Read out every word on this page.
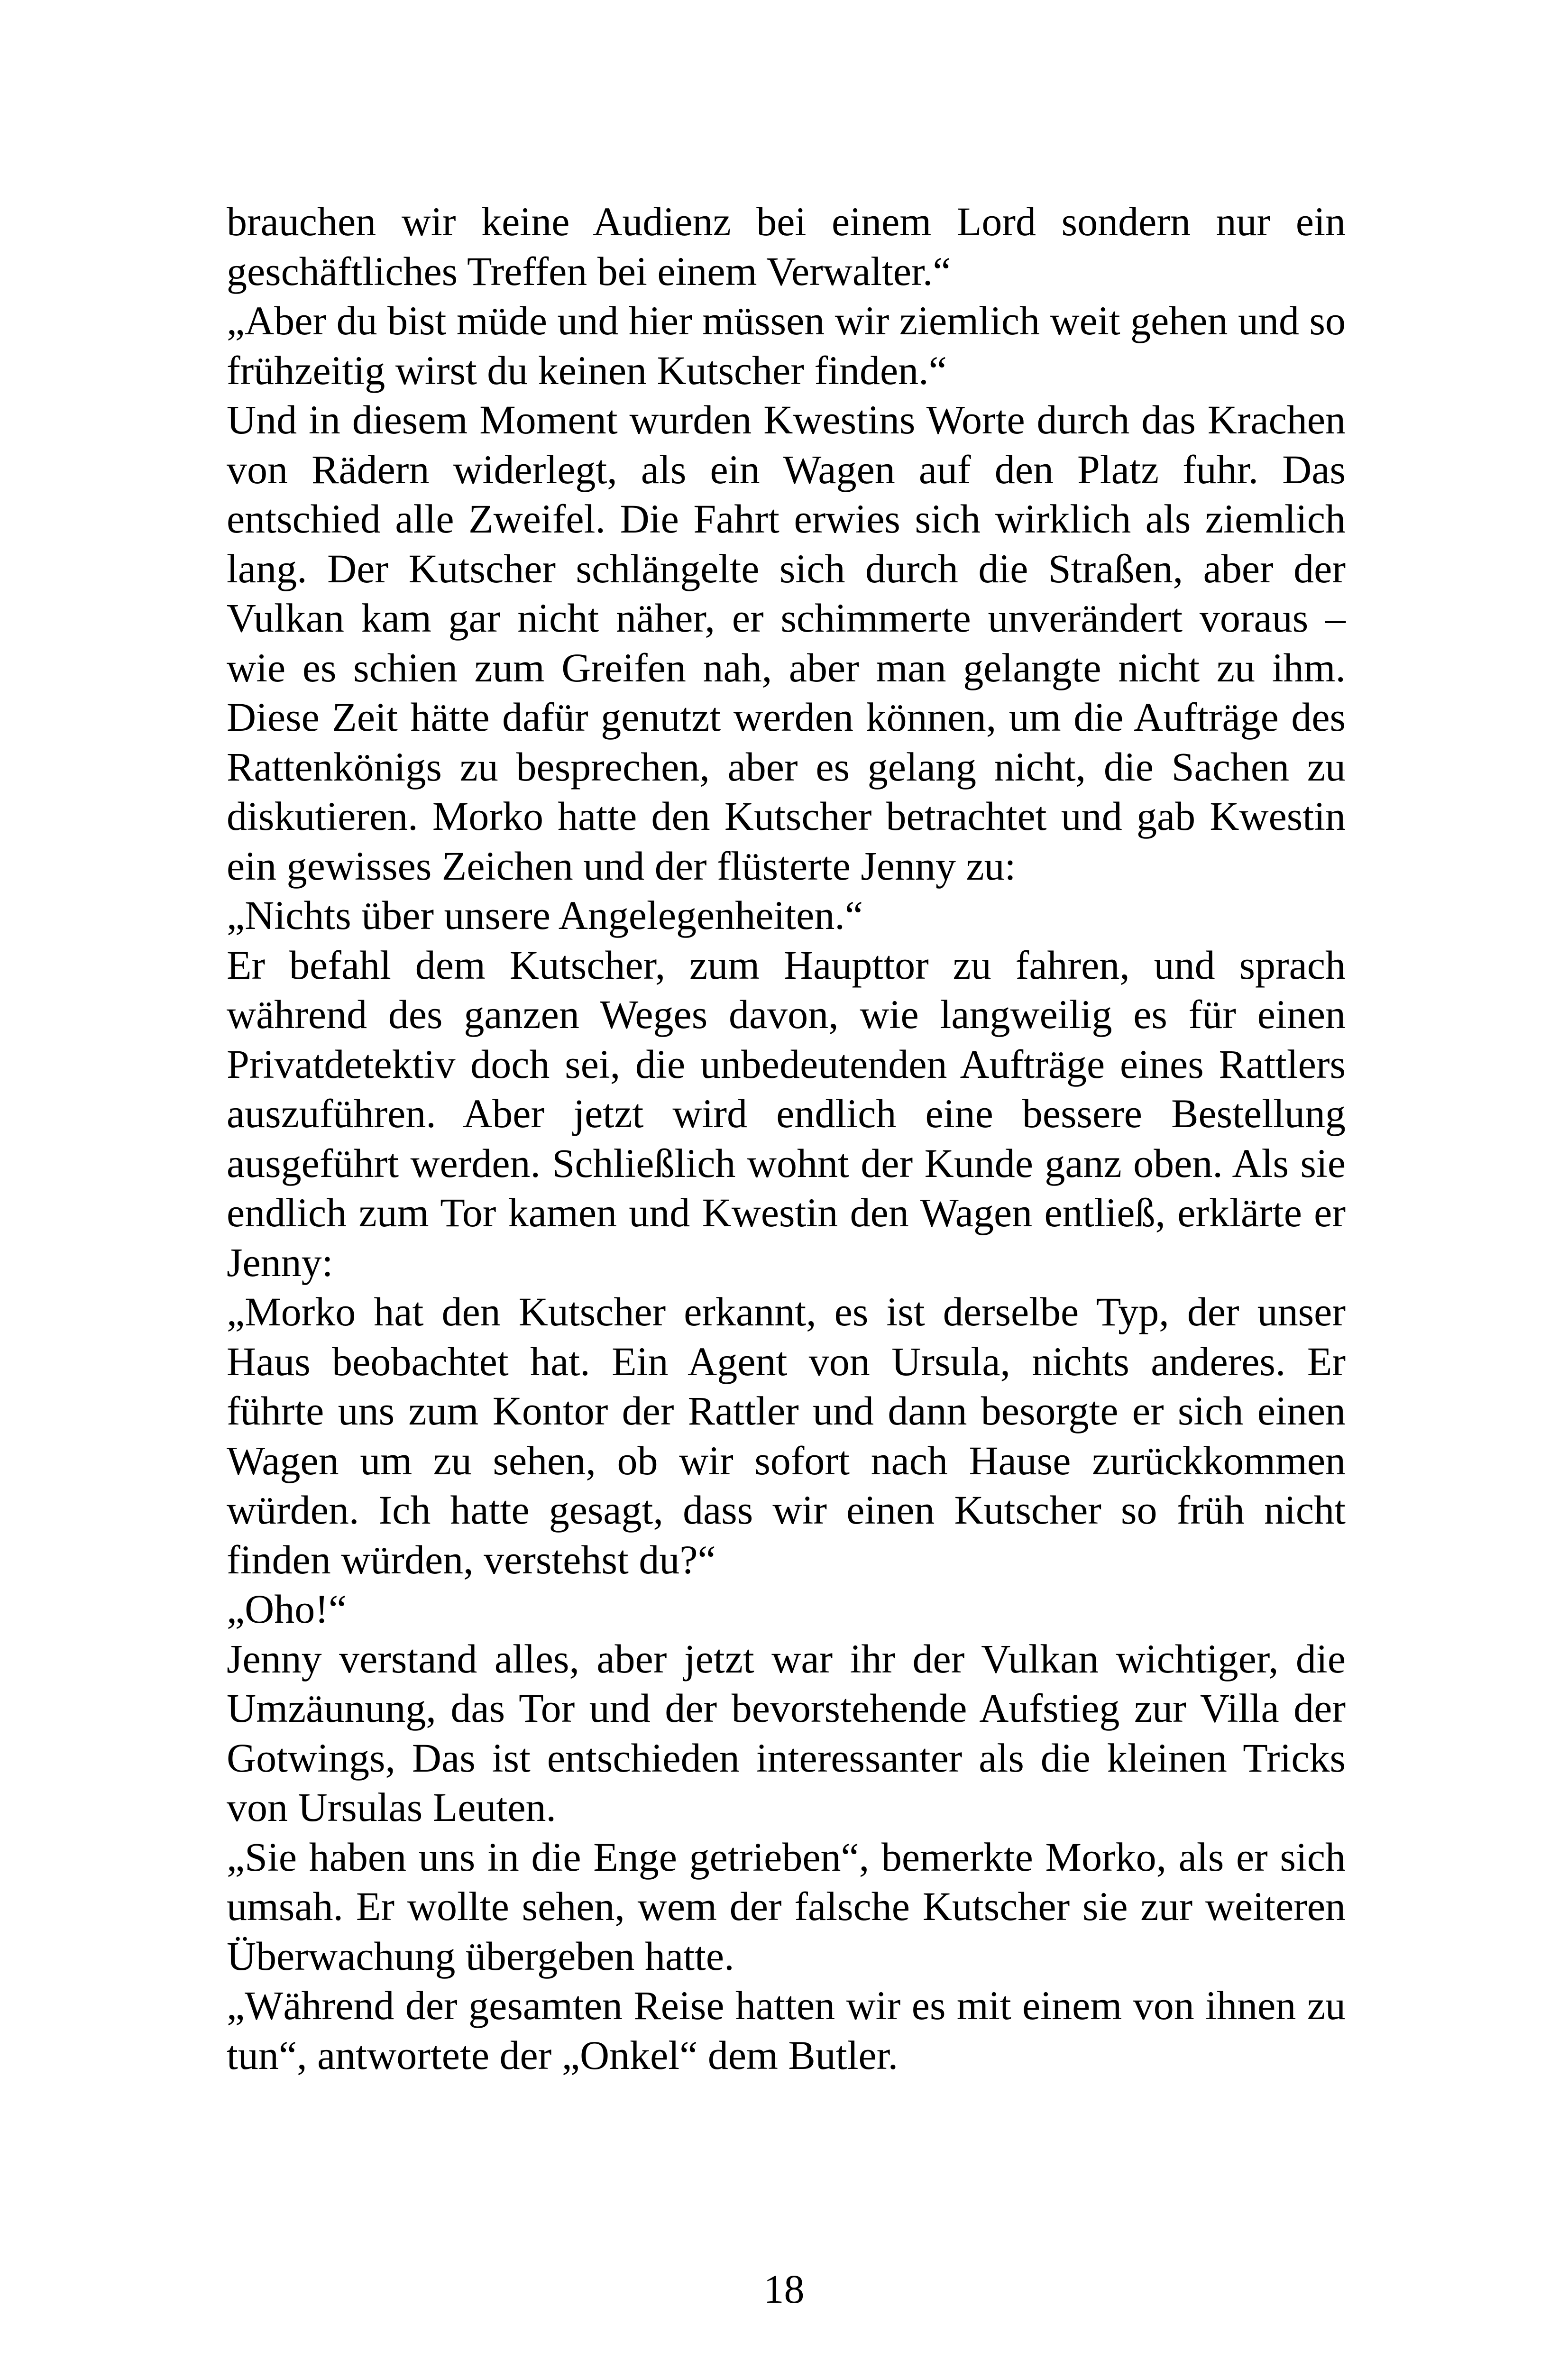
brauchen wir keine Audienz bei einem Lord sondern nur ein geschäftliches Treffen bei einem Verwalter.“

„Aber du bist müde und hier müssen wir ziemlich weit gehen und so frühzeitig wirst du keinen Kutscher finden.“

Und in diesem Moment wurden Kwestins Worte durch das Krachen von Rädern widerlegt, als ein Wagen auf den Platz fuhr. Das entschied alle Zweifel. Die Fahrt erwies sich wirklich als ziemlich lang. Der Kutscher schlängelte sich durch die Straßen, aber der Vulkan kam gar nicht näher, er schimmerte unverändert voraus – wie es schien zum Greifen nah, aber man gelangte nicht zu ihm. Diese Zeit hätte dafür genutzt werden können, um die Aufträge des Rattenkönigs zu besprechen, aber es gelang nicht, die Sachen zu diskutieren. Morko hatte den Kutscher betrachtet und gab Kwestin ein gewisses Zeichen und der flüsterte Jenny zu:

„Nichts über unsere Angelegenheiten.“

Er befahl dem Kutscher, zum Haupttor zu fahren, und sprach während des ganzen Weges davon, wie langweilig es für einen Privatdetektiv doch sei, die unbedeutenden Aufträge eines Rattlers auszuführen. Aber jetzt wird endlich eine bessere Bestellung ausgeführt werden. Schließlich wohnt der Kunde ganz oben. Als sie endlich zum Tor kamen und Kwestin den Wagen entließ, erklärte er Jenny:

„Morko hat den Kutscher erkannt, es ist derselbe Typ, der unser Haus beobachtet hat. Ein Agent von Ursula, nichts anderes. Er führte uns zum Kontor der Rattler und dann besorgte er sich einen Wagen um zu sehen, ob wir sofort nach Hause zurückkommen würden. Ich hatte gesagt, dass wir einen Kutscher so früh nicht finden würden, verstehst du?“

„Oho!“

Jenny verstand alles, aber jetzt war ihr der Vulkan wichtiger, die Umzäunung, das Tor und der bevorstehende Aufstieg zur Villa der Gotwings, Das ist entschieden interessanter als die kleinen Tricks von Ursulas Leuten.

„Sie haben uns in die Enge getrieben“, bemerkte Morko, als er sich umsah. Er wollte sehen, wem der falsche Kutscher sie zur weiteren Überwachung übergeben hatte.

„Während der gesamten Reise hatten wir es mit einem von ihnen zu tun“, antwortete der „Onkel“ dem Butler.

18
